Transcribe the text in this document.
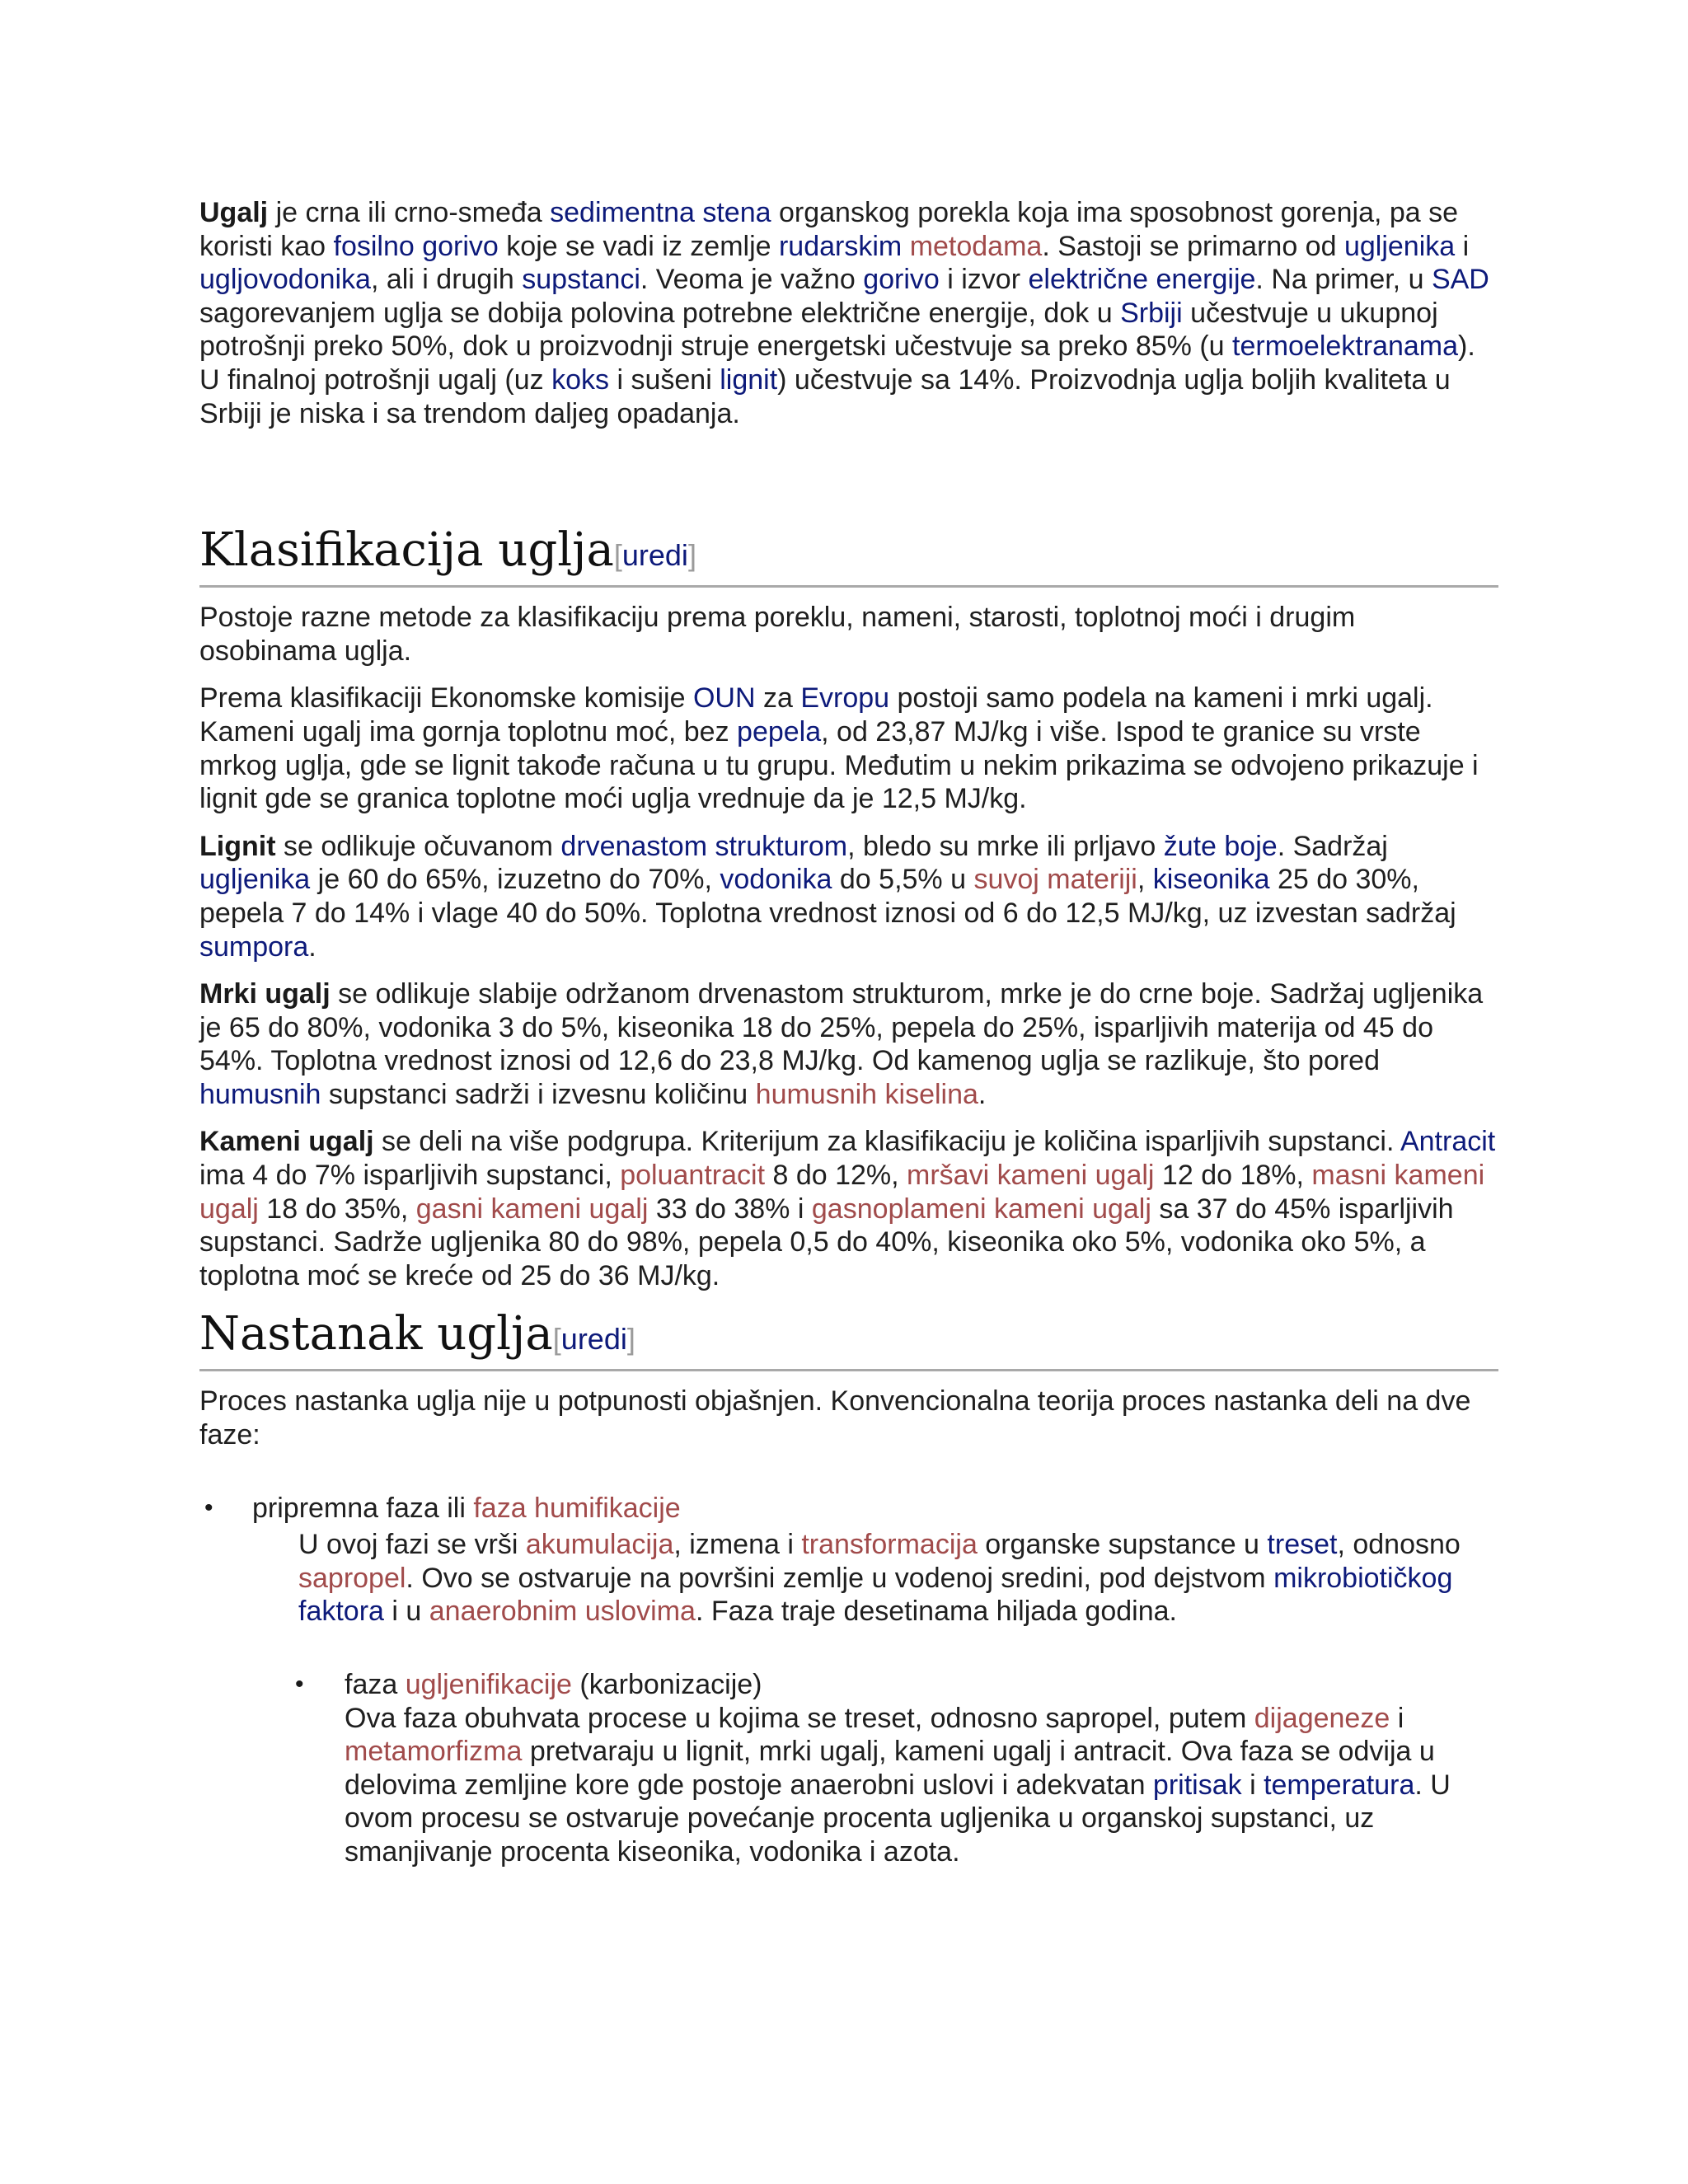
Ugalj je crna ili crno-smeđa sedimentna stena organskog porekla koja ima sposobnost gorenja, pa se koristi kao fosilno gorivo koje se vadi iz zemlje rudarskim metodama. Sastoji se primarno od ugljenika i ugljovodonika, ali i drugih supstanci. Veoma je važno gorivo i izvor električne energije. Na primer, u SAD sagorevanjem uglja se dobija polovina potrebne električne energije, dok u Srbiji učestvuje u ukupnoj potrošnji preko 50%, dok u proizvodnji struje energetski učestvuje sa preko 85% (u termoelektranama). U finalnoj potrošnji ugalj (uz koks i sušeni lignit) učestvuje sa 14%. Proizvodnja uglja boljih kvaliteta u Srbiji je niska i sa trendom daljeg opadanja.

Klasifikacija uglja[uredi]

Postoje razne metode za klasifikaciju prema poreklu, nameni, starosti, toplotnoj moći i drugim osobinama uglja.

Prema klasifikaciji Ekonomske komisije OUN za Evropu postoji samo podela na kameni i mrki ugalj. Kameni ugalj ima gornja toplotnu moć, bez pepela, od 23,87 MJ/kg i više. Ispod te granice su vrste mrkog uglja, gde se lignit takođe računa u tu grupu. Međutim u nekim prikazima se odvojeno prikazuje i lignit gde se granica toplotne moći uglja vrednuje da je 12,5 MJ/kg.

Lignit se odlikuje očuvanom drvenastom strukturom, bledo su mrke ili prljavo žute boje. Sadržaj ugljenika je 60 do 65%, izuzetno do 70%, vodonika do 5,5% u suvoj materiji, kiseonika 25 do 30%, pepela 7 do 14% i vlage 40 do 50%. Toplotna vrednost iznosi od 6 do 12,5 MJ/kg, uz izvestan sadržaj sumpora.

Mrki ugalj se odlikuje slabije održanom drvenastom strukturom, mrke je do crne boje. Sadržaj ugljenika je 65 do 80%, vodonika 3 do 5%, kiseonika 18 do 25%, pepela do 25%, isparljivih materija od 45 do 54%. Toplotna vrednost iznosi od 12,6 do 23,8 MJ/kg. Od kamenog uglja se razlikuje, što pored humusnih supstanci sadrži i izvesnu količinu humusnih kiselina.

Kameni ugalj se deli na više podgrupa. Kriterijum za klasifikaciju je količina isparljivih supstanci. Antracit ima 4 do 7% isparljivih supstanci, poluantracit 8 do 12%, mršavi kameni ugalj 12 do 18%, masni kameni ugalj 18 do 35%, gasni kameni ugalj 33 do 38% i gasnoplameni kameni ugalj sa 37 do 45% isparljivih supstanci. Sadrže ugljenika 80 do 98%, pepela 0,5 do 40%, kiseonika oko 5%, vodonika oko 5%, a toplotna moć se kreće od 25 do 36 MJ/kg.

Nastanak uglja[uredi]

Proces nastanka uglja nije u potpunosti objašnjen. Konvencionalna teorija proces nastanka deli na dve faze:

• pripremna faza ili faza humifikacije
U ovoj fazi se vrši akumulacija, izmena i transformacija organske supstance u treset, odnosno sapropel. Ovo se ostvaruje na površini zemlje u vodenoj sredini, pod dejstvom mikrobiotičkog faktora i u anaerobnim uslovima. Faza traje desetinama hiljada godina.
• faza ugljenifikacije (karbonizacije)
Ova faza obuhvata procese u kojima se treset, odnosno sapropel, putem dijageneze i metamorfizma pretvaraju u lignit, mrki ugalj, kameni ugalj i antracit. Ova faza se odvija u delovima zemljine kore gde postoje anaerobni uslovi i adekvatan pritisak i temperatura. U ovom procesu se ostvaruje povećanje procenta ugljenika u organskoj supstanci, uz smanjivanje procenta kiseonika, vodonika i azota.
